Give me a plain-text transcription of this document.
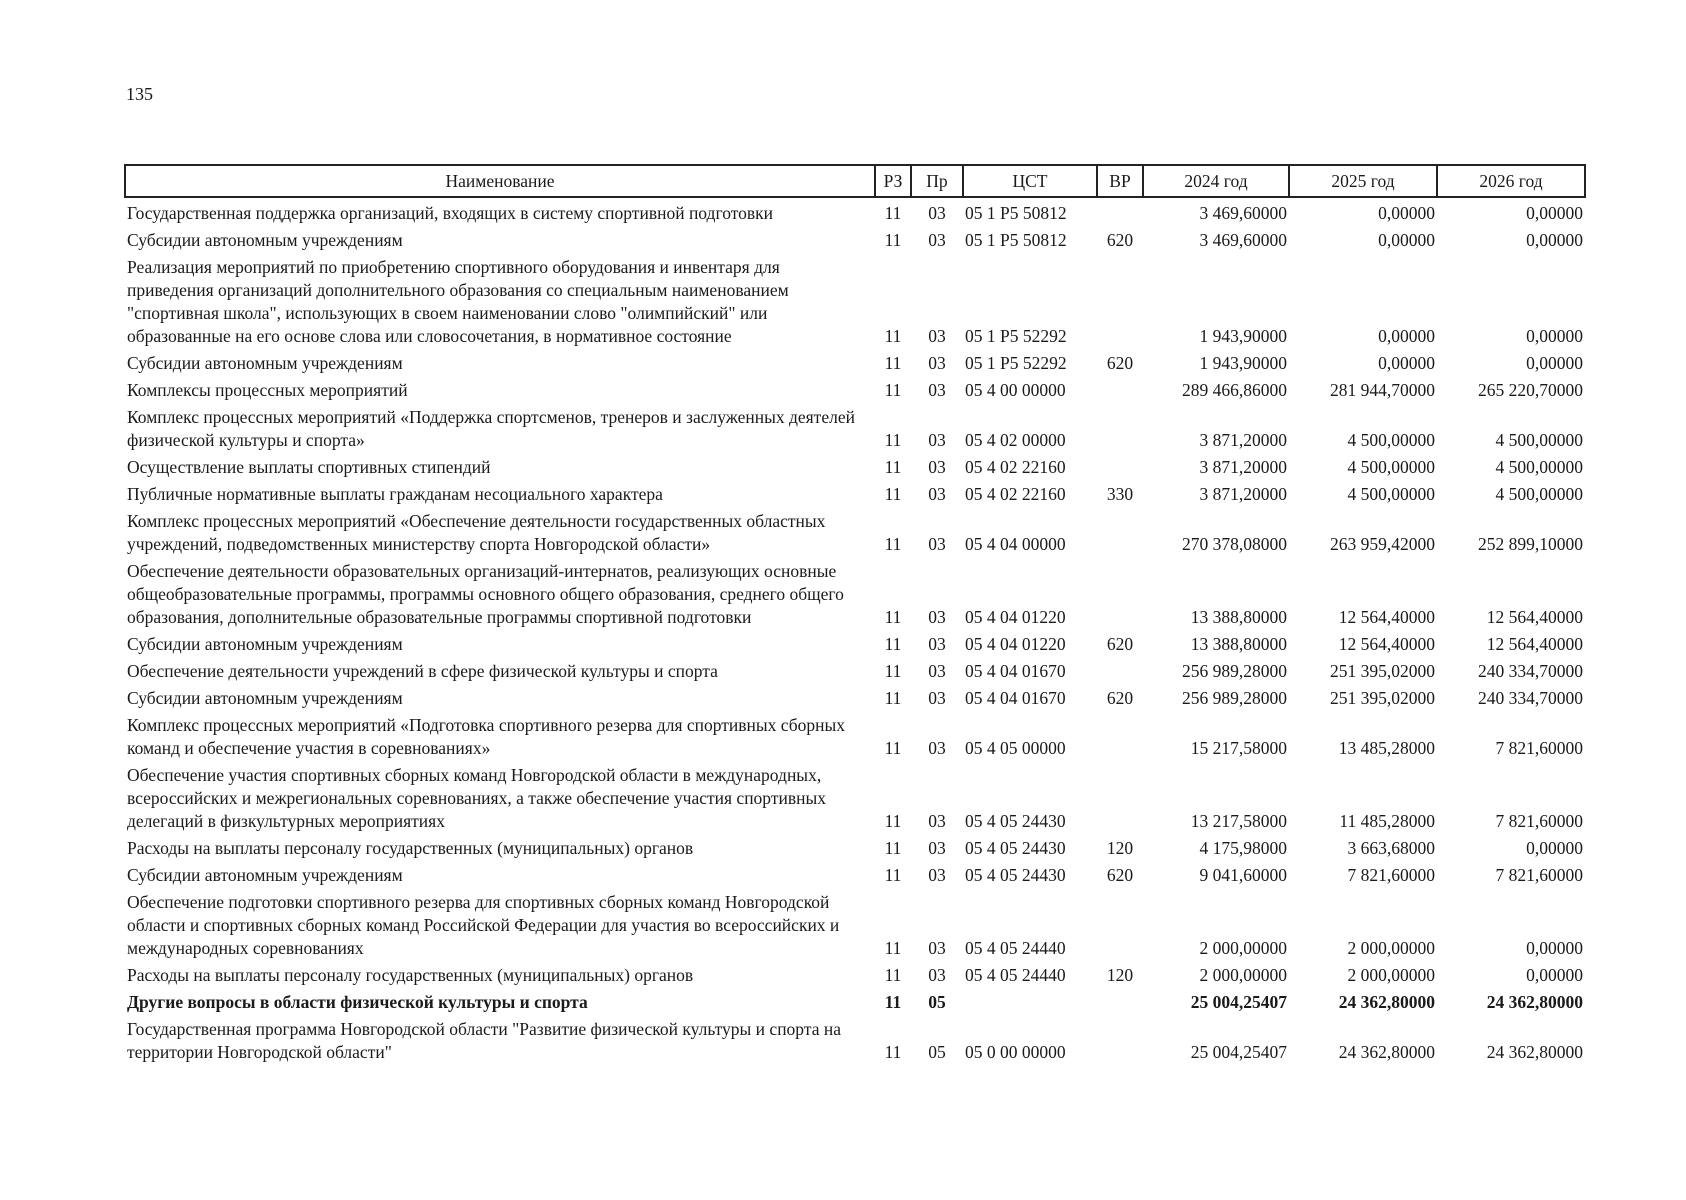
135
Наименование	РЗ	Пр	ЦСТ	ВР	2024 год	2025 год	2026 год
Государственная поддержка организаций, входящих в систему спортивной подготовки	11	03	05 1 Р5 50812		3 469,60000	0,00000	0,00000
Субсидии автономным учреждениям	11	03	05 1 Р5 50812	620	3 469,60000	0,00000	0,00000
Реализация мероприятий по приобретению спортивного оборудования и инвентаря для приведения организаций дополнительного образования со специальным наименованием "спортивная школа", использующих в своем наименовании слово "олимпийский" или образованные на его основе слова или словосочетания, в нормативное состояние	11	03	05 1 Р5 52292		1 943,90000	0,00000	0,00000
Субсидии автономным учреждениям	11	03	05 1 Р5 52292	620	1 943,90000	0,00000	0,00000
Комплексы процессных мероприятий	11	03	05 4 00 00000		289 466,86000	281 944,70000	265 220,70000
Комплекс процессных мероприятий «Поддержка спортсменов, тренеров и заслуженных деятелей физической культуры и спорта»	11	03	05 4 02 00000		3 871,20000	4 500,00000	4 500,00000
Осуществление выплаты спортивных стипендий	11	03	05 4 02 22160		3 871,20000	4 500,00000	4 500,00000
Публичные нормативные выплаты гражданам несоциального характера	11	03	05 4 02 22160	330	3 871,20000	4 500,00000	4 500,00000
Комплекс процессных мероприятий «Обеспечение деятельности государственных областных учреждений, подведомственных министерству спорта Новгородской области»	11	03	05 4 04 00000		270 378,08000	263 959,42000	252 899,10000
Обеспечение деятельности образовательных организаций-интернатов, реализующих основные общеобразовательные программы, программы основного общего образования, среднего общего образования, дополнительные образовательные программы спортивной подготовки	11	03	05 4 04 01220		13 388,80000	12 564,40000	12 564,40000
Субсидии автономным учреждениям	11	03	05 4 04 01220	620	13 388,80000	12 564,40000	12 564,40000
Обеспечение деятельности учреждений в сфере физической культуры и спорта	11	03	05 4 04 01670		256 989,28000	251 395,02000	240 334,70000
Субсидии автономным учреждениям	11	03	05 4 04 01670	620	256 989,28000	251 395,02000	240 334,70000
Комплекс процессных мероприятий «Подготовка спортивного резерва для спортивных сборных команд и обеспечение участия в соревнованиях»	11	03	05 4 05 00000		15 217,58000	13 485,28000	7 821,60000
Обеспечение участия спортивных сборных команд Новгородской области в международных, всероссийских и межрегиональных соревнованиях, а также обеспечение участия спортивных делегаций в физкультурных мероприятиях	11	03	05 4 05 24430		13 217,58000	11 485,28000	7 821,60000
Расходы на выплаты персоналу государственных (муниципальных) органов	11	03	05 4 05 24430	120	4 175,98000	3 663,68000	0,00000
Субсидии автономным учреждениям	11	03	05 4 05 24430	620	9 041,60000	7 821,60000	7 821,60000
Обеспечение подготовки спортивного резерва для спортивных сборных команд Новгородской области и спортивных сборных команд Российской Федерации для участия во всероссийских и международных соревнованиях	11	03	05 4 05 24440		2 000,00000	2 000,00000	0,00000
Расходы на выплаты персоналу государственных (муниципальных) органов	11	03	05 4 05 24440	120	2 000,00000	2 000,00000	0,00000
Другие вопросы в области физической культуры и спорта	11	05			25 004,25407	24 362,80000	24 362,80000
Государственная программа Новгородской области "Развитие физической культуры и спорта на территории Новгородской области"	11	05	05 0 00 00000		25 004,25407	24 362,80000	24 362,80000
